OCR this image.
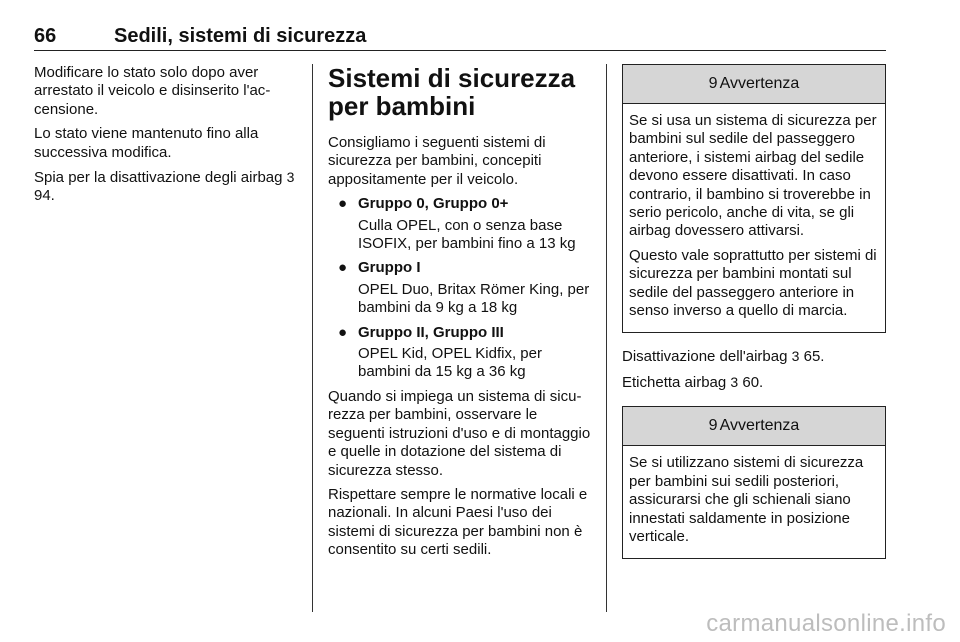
66	Sedili, sistemi di sicurezza

Modificare lo stato solo dopo aver arrestato il veicolo e disinserito l'accensione.

Lo stato viene mantenuto fino alla successiva modifica.

Spia per la disattivazione degli airbag 3 94.

Sistemi di sicurezza per bambini

Consigliamo i seguenti sistemi di sicurezza per bambini, concepiti appositamente per il veicolo.

● Gruppo 0, Gruppo 0+
Culla OPEL, con o senza base ISOFIX, per bambini fino a 13 kg
● Gruppo I
OPEL Duo, Britax Römer King, per bambini da 9 kg a 18 kg
● Gruppo II, Gruppo III
OPEL Kid, OPEL Kidfix, per bambini da 15 kg a 36 kg

Quando si impiega un sistema di sicurezza per bambini, osservare le seguenti istruzioni d'uso e di montaggio e quelle in dotazione del sistema di sicurezza stesso.

Rispettare sempre le normative locali e nazionali. In alcuni Paesi l'uso dei sistemi di sicurezza per bambini non è consentito su certi sedili.

9 Avvertenza

Se si usa un sistema di sicurezza per bambini sul sedile del passeggero anteriore, i sistemi airbag del sedile devono essere disattivati. In caso contrario, il bambino si troverebbe in serio pericolo, anche di vita, se gli airbag dovessero attivarsi.

Questo vale soprattutto per sistemi di sicurezza per bambini montati sul sedile del passeggero anteriore in senso inverso a quello di marcia.

Disattivazione dell'airbag 3 65.

Etichetta airbag 3 60.

9 Avvertenza

Se si utilizzano sistemi di sicurezza per bambini sui sedili posteriori, assicurarsi che gli schienali siano innestati saldamente in posizione verticale.

carmanualsonline.info
